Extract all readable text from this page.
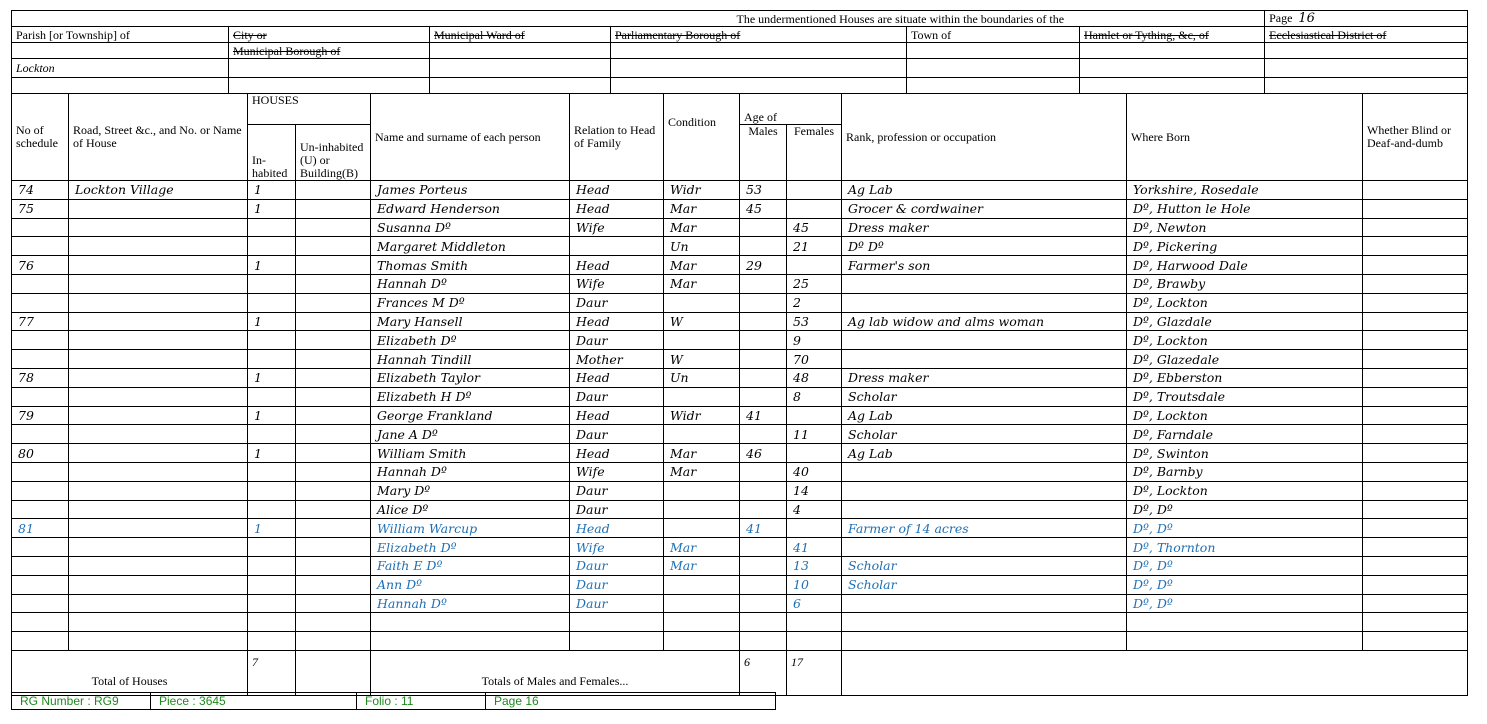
The undermentioned Houses are situate within the boundaries of the						Page 16
Parish [or Township] of	City or	Municipal Ward of	Parliamentary Borough of	Town of	Hamlet or Tything, &c, of	Ecclesiastical District of
	Municipal Borough of					
Lockton						

No of schedule	Road, Street &c., and No. or Name of House	HOUSES		Name and surname of each person	Relation to Head of Family	Condition	Age of		Rank, profession or occupation	Where Born	Whether Blind or Deaf-and-dumb
		In-habited	Un-inhabited (U) or Building(B)				Males	Females			
74	Lockton Village	1		James Porteus	Head	Widr	53		Ag Lab	Yorkshire, Rosedale	
75		1		Edward Henderson	Head	Mar	45		Grocer & cordwainer	Dº, Hutton le Hole	
				Susanna Dº	Wife	Mar		45	Dress maker	Dº, Newton	
				Margaret Middleton		Un		21	Dº Dº	Dº, Pickering	
76		1		Thomas Smith	Head	Mar	29		Farmer's son	Dº, Harwood Dale	
				Hannah Dº	Wife	Mar		25		Dº, Brawby	
				Frances M Dº	Daur			2		Dº, Lockton	
77		1		Mary Hansell	Head	W		53	Ag lab widow and alms woman	Dº, Glazdale	
				Elizabeth Dº	Daur			9		Dº, Lockton	
				Hannah Tindill	Mother	W		70		Dº, Glazedale	
78		1		Elizabeth Taylor	Head	Un		48	Dress maker	Dº, Ebberston	
				Elizabeth H Dº	Daur			8	Scholar	Dº, Troutsdale	
79		1		George Frankland	Head	Widr	41		Ag Lab	Dº, Lockton	
				Jane A Dº	Daur			11	Scholar	Dº, Farndale	
80		1		William Smith	Head	Mar	46		Ag Lab	Dº, Swinton	
				Hannah Dº	Wife	Mar		40		Dº, Barnby	
				Mary Dº	Daur			14		Dº, Lockton	
				Alice Dº	Daur			4		Dº, Dº	
81		1		William Warcup	Head		41		Farmer of 14 acres	Dº, Dº	
				Elizabeth Dº	Wife	Mar		41		Dº, Thornton	
				Faith E Dº	Daur	Mar		13	Scholar	Dº, Dº	
				Ann Dº	Daur			10	Scholar	Dº, Dº	
				Hannah Dº	Daur			6		Dº, Dº	

Total of Houses		7		Totals of Males and Females...			6	17			
RG Number : RG9	Piece : 3645	Folio : 11	Page 16
